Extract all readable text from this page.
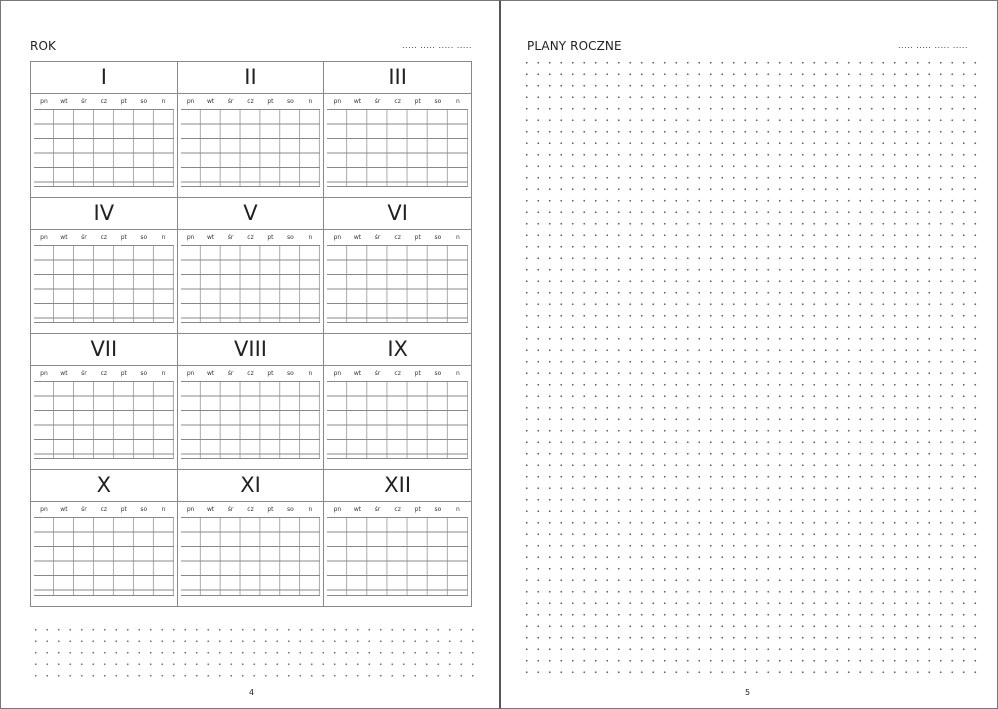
ROK	..... ..... ..... .....
I
pn	wt	śr	cz	pt	so	n
II
pn	wt	śr	cz	pt	so	n
III
pn	wt	śr	cz	pt	so	n
IV
pn	wt	śr	cz	pt	so	n
V
pn	wt	śr	cz	pt	so	n
VI
pn	wt	śr	cz	pt	so	n
VII
pn	wt	śr	cz	pt	so	n
VIII
pn	wt	śr	cz	pt	so	n
IX
pn	wt	śr	cz	pt	so	n
X
pn	wt	śr	cz	pt	so	n
XI
pn	wt	śr	cz	pt	so	n
XII
pn	wt	śr	cz	pt	so	n
4
PLANY ROCZNE	..... ..... ..... .....
5
